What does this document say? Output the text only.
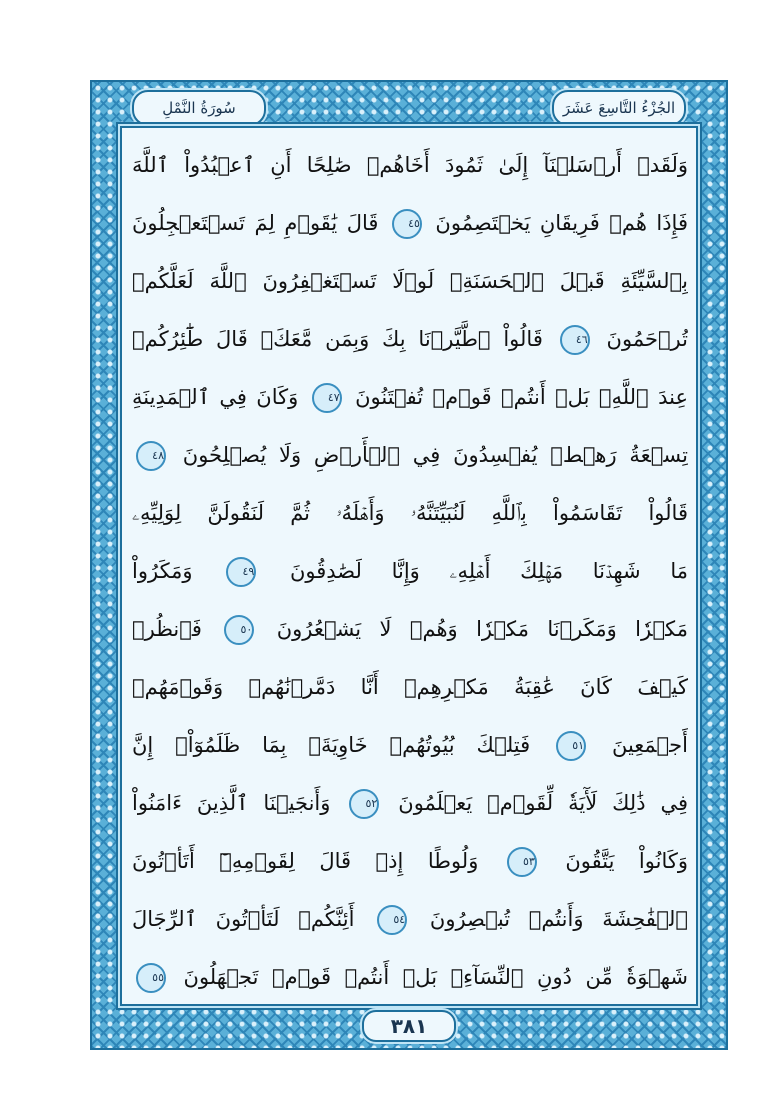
الجُزْءُ التَّاسِعَ عَشَرَ
سُورَةُ النَّمْلِ

وَلَقَدۡ أَرۡسَلۡنَآ إِلَىٰ ثَمُودَ أَخَاهُمۡ صَٰلِحًا أَنِ ٱعۡبُدُواْ ٱللَّهَ

فَإِذَا هُمۡ فَرِيقَانِ يَخۡتَصِمُونَ ٤٥ قَالَ يَٰقَوۡمِ لِمَ تَسۡتَعۡجِلُونَ

بِٱلسَّيِّئَةِ قَبۡلَ ٱلۡحَسَنَةِۖ لَوۡلَا تَسۡتَغۡفِرُونَ ٱللَّهَ لَعَلَّكُمۡ

تُرۡحَمُونَ ٤٦ قَالُواْ ٱطَّيَّرۡنَا بِكَ وَبِمَن مَّعَكَۚ قَالَ طَٰٓئِرُكُمۡ

عِندَ ٱللَّهِۖ بَلۡ أَنتُمۡ قَوۡمٞ تُفۡتَنُونَ ٤٧ وَكَانَ فِي ٱلۡمَدِينَةِ

تِسۡعَةُ رَهۡطٖ يُفۡسِدُونَ فِي ٱلۡأَرۡضِ وَلَا يُصۡلِحُونَ ٤٨

قَالُواْ تَقَاسَمُواْ بِٱللَّهِ لَنُبَيِّتَنَّهُۥ وَأَهۡلَهُۥ ثُمَّ لَنَقُولَنَّ لِوَلِيِّهِۦ

مَا شَهِدۡنَا مَهۡلِكَ أَهۡلِهِۦ وَإِنَّا لَصَٰدِقُونَ ٤٩ وَمَكَرُواْ

مَكۡرٗا وَمَكَرۡنَا مَكۡرٗا وَهُمۡ لَا يَشۡعُرُونَ ٥٠ فَٱنظُرۡ

كَيۡفَ كَانَ عَٰقِبَةُ مَكۡرِهِمۡ أَنَّا دَمَّرۡنَٰهُمۡ وَقَوۡمَهُمۡ

أَجۡمَعِينَ ٥١ فَتِلۡكَ بُيُوتُهُمۡ خَاوِيَةَۢ بِمَا ظَلَمُوٓاْۚ إِنَّ

فِي ذَٰلِكَ لَأٓيَةٗ لِّقَوۡمٖ يَعۡلَمُونَ ٥٢ وَأَنجَيۡنَا ٱلَّذِينَ ءَامَنُواْ

وَكَانُواْ يَتَّقُونَ ٥٣ وَلُوطًا إِذۡ قَالَ لِقَوۡمِهِۦٓ أَتَأۡتُونَ

ٱلۡفَٰحِشَةَ وَأَنتُمۡ تُبۡصِرُونَ ٥٤ أَئِنَّكُمۡ لَتَأۡتُونَ ٱلرِّجَالَ

شَهۡوَةٗ مِّن دُونِ ٱلنِّسَآءِۚ بَلۡ أَنتُمۡ قَوۡمٞ تَجۡهَلُونَ ٥٥

٣٨١
